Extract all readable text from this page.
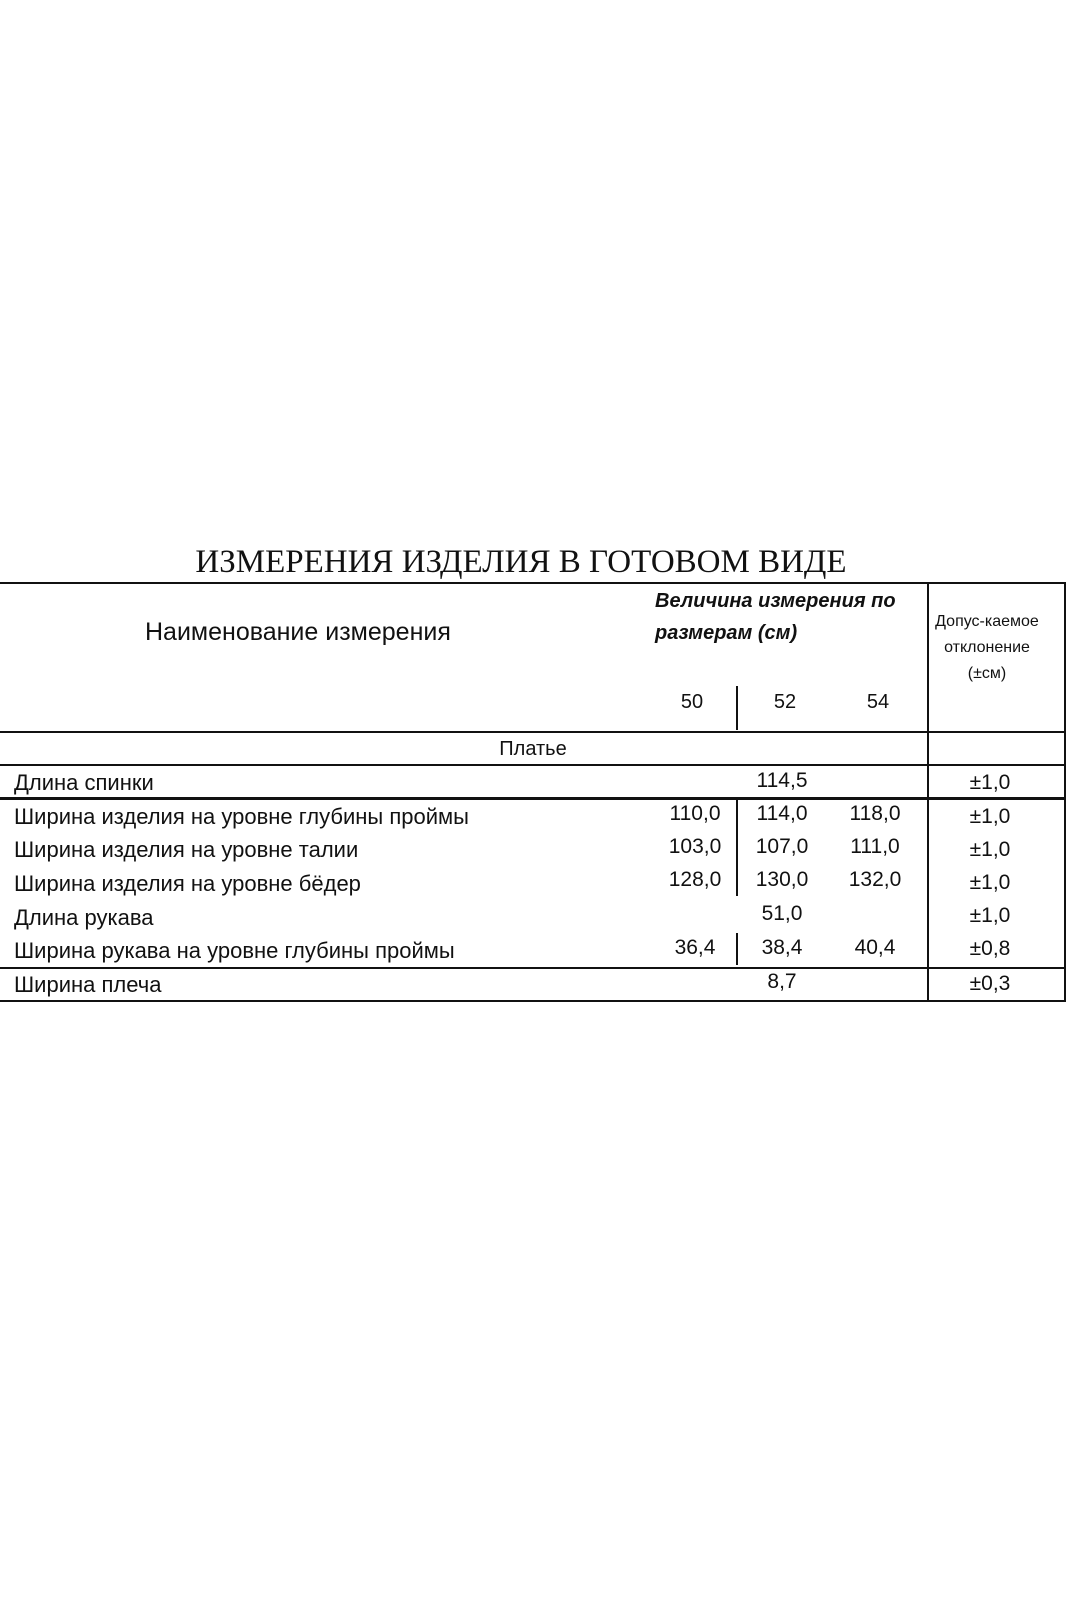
ИЗМЕРЕНИЯ ИЗДЕЛИЯ В ГОТОВОМ ВИДЕ
Наименование измерения
Величина измерения по размерам (см)
Допус-каемое отклонение (±см)
50	52	54
Платье
Длина спинки	114,5	±1,0
Ширина изделия на уровне глубины проймы	110,0	114,0	118,0	±1,0
Ширина изделия на уровне талии	103,0	107,0	111,0	±1,0
Ширина изделия на уровне бёдер	128,0	130,0	132,0	±1,0
Длина рукава	51,0	±1,0
Ширина рукава на уровне глубины проймы	36,4	38,4	40,4	±0,8
Ширина плеча	8,7	±0,3
